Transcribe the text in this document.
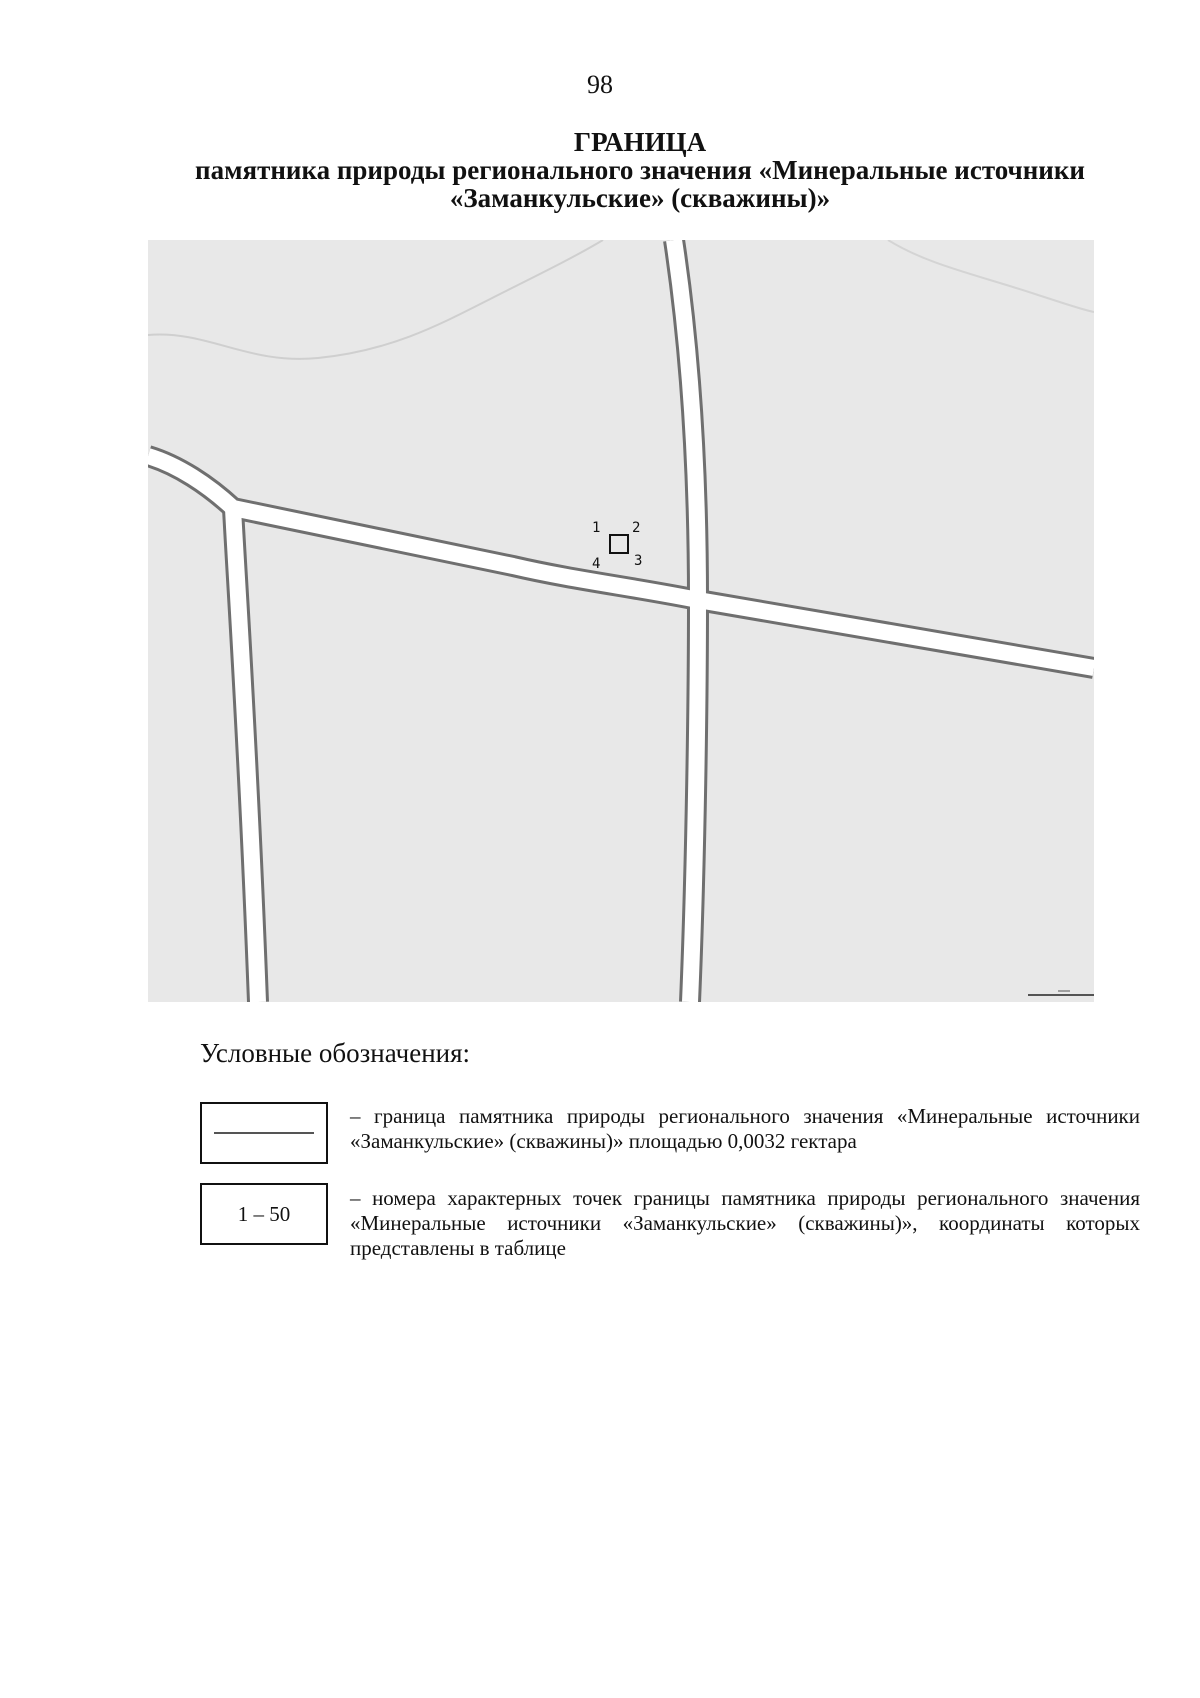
98
ГРАНИЦА
памятника природы регионального значения «Минеральные источники
«Заманкульские» (скважины)»
1 2
3
4
Условные обозначения:
– граница памятника природы регионального значения «Минеральные источники «Заманкульские» (скважины)» площадью 0,0032 гектара
1 – 50
– номера характерных точек границы памятника природы регионального значения «Минеральные источники «Заманкульские» (скважины)», координаты которых представлены в таблице
